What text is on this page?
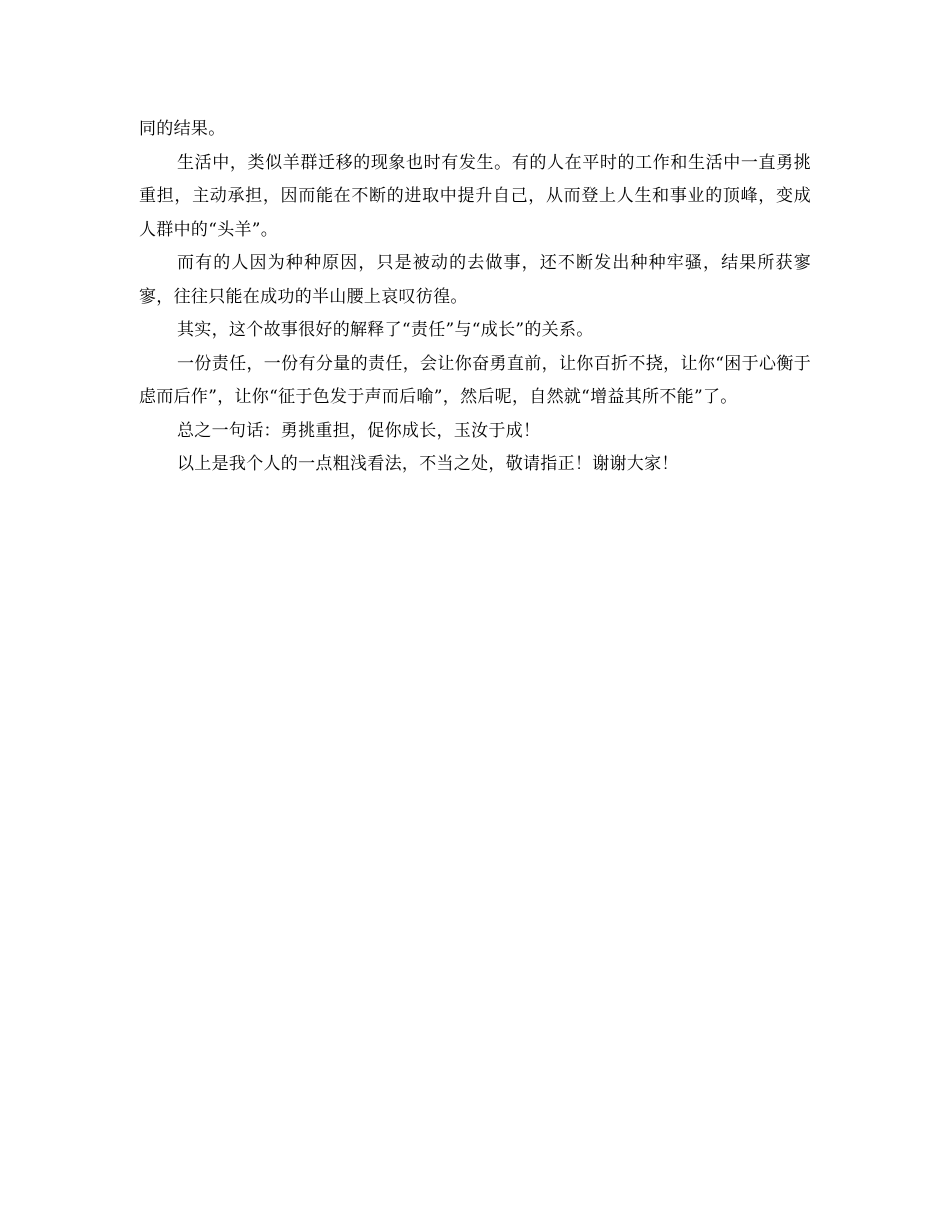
同的结果。

生活中，类似羊群迁移的现象也时有发生。有的人在平时的工作和生活中一直勇挑重担，主动承担，因而能在不断的进取中提升自己，从而登上人生和事业的顶峰，变成人群中的“头羊”。

而有的人因为种种原因，只是被动的去做事，还不断发出种种牢骚，结果所获寥寥，往往只能在成功的半山腰上哀叹彷徨。

其实，这个故事很好的解释了“责任”与“成长”的关系。

一份责任，一份有分量的责任，会让你奋勇直前，让你百折不挠，让你“困于心衡于虑而后作”，让你“征于色发于声而后喻”，然后呢，自然就“增益其所不能”了。

总之一句话：勇挑重担，促你成长，玉汝于成！

以上是我个人的一点粗浅看法，不当之处，敬请指正！谢谢大家！
